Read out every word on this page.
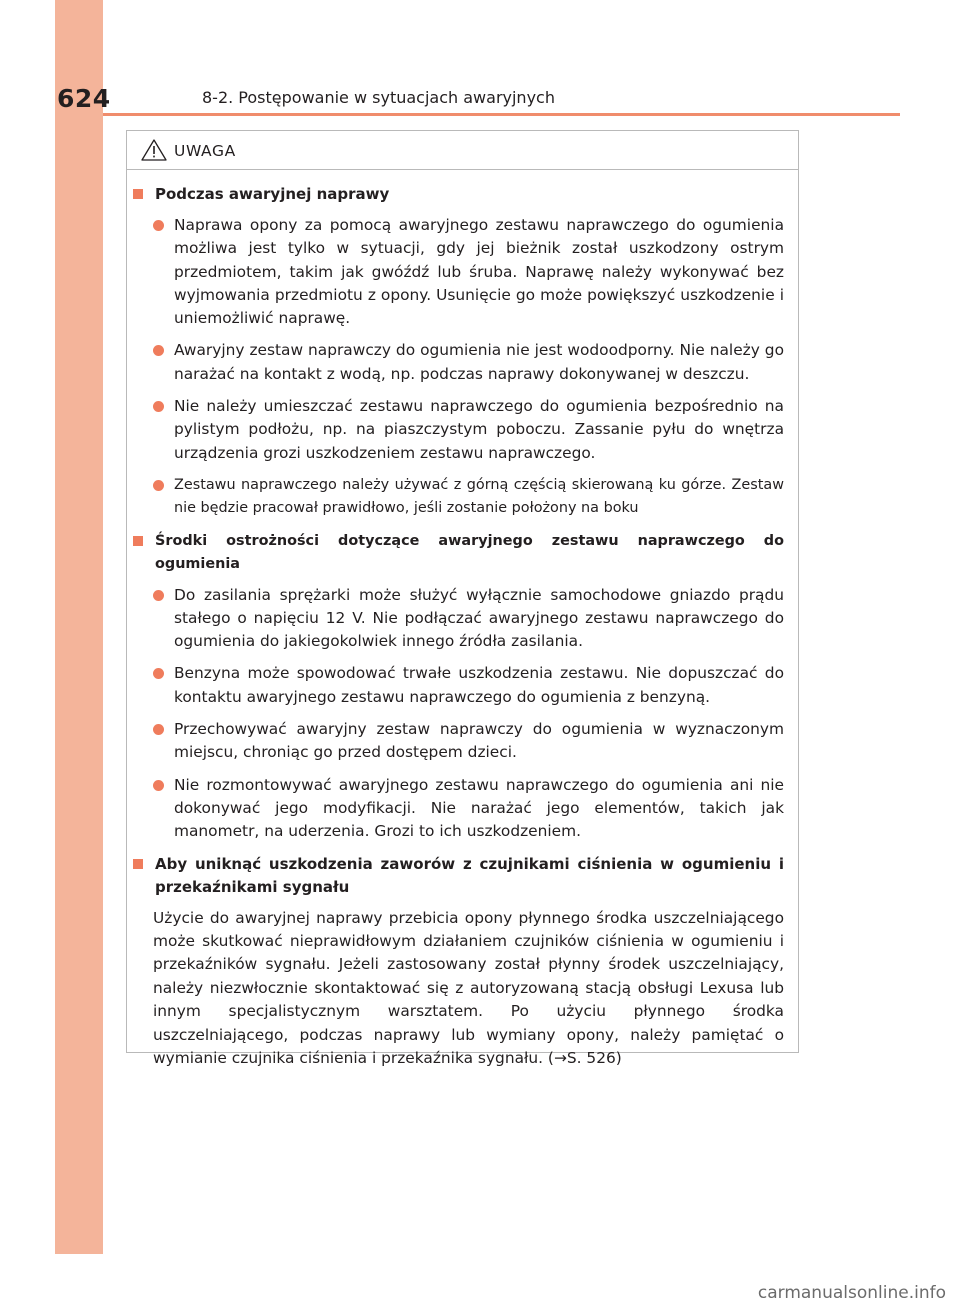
624	8-2. Postępowanie w sytuacjach awaryjnych
UWAGA
Podczas awaryjnej naprawy
Naprawa opony za pomocą awaryjnego zestawu naprawczego do ogumienia możliwa jest tylko w sytuacji, gdy jej bieżnik został uszkodzony ostrym przedmiotem, takim jak gwóźdź lub śruba. Naprawę należy wykonywać bez wyjmowania przedmiotu z opony. Usunięcie go może powiększyć uszkodzenie i uniemożliwić naprawę.
Awaryjny zestaw naprawczy do ogumienia nie jest wodoodporny. Nie należy go narażać na kontakt z wodą, np. podczas naprawy dokonywanej w deszczu.
Nie należy umieszczać zestawu naprawczego do ogumienia bezpośrednio na pylistym podłożu, np. na piaszczystym poboczu. Zassanie pyłu do wnętrza urządzenia grozi uszkodzeniem zestawu naprawczego.
Zestawu naprawczego należy używać z górną częścią skierowaną ku górze. Zestaw nie będzie pracował prawidłowo, jeśli zostanie położony na boku
Środki ostrożności dotyczące awaryjnego zestawu naprawczego do ogumienia
Do zasilania sprężarki może służyć wyłącznie samochodowe gniazdo prądu stałego o napięciu 12 V. Nie podłączać awaryjnego zestawu naprawczego do ogumienia do jakiegokolwiek innego źródła zasilania.
Benzyna może spowodować trwałe uszkodzenia zestawu. Nie dopuszczać do kontaktu awaryjnego zestawu naprawczego do ogumienia z benzyną.
Przechowywać awaryjny zestaw naprawczy do ogumienia w wyznaczonym miejscu, chroniąc go przed dostępem dzieci.
Nie rozmontowywać awaryjnego zestawu naprawczego do ogumienia ani nie dokonywać jego modyfikacji. Nie narażać jego elementów, takich jak manometr, na uderzenia. Grozi to ich uszkodzeniem.
Aby uniknąć uszkodzenia zaworów z czujnikami ciśnienia w ogumieniu i przekaźnikami sygnału
Użycie do awaryjnej naprawy przebicia opony płynnego środka uszczelniającego może skutkować nieprawidłowym działaniem czujników ciśnienia w ogumieniu i przekaźników sygnału. Jeżeli zastosowany został płynny środek uszczelniający, należy niezwłocznie skontaktować się z autoryzowaną stacją obsługi Lexusa lub innym specjalistycznym warsztatem. Po użyciu płynnego środka uszczelniającego, podczas naprawy lub wymiany opony, należy pamiętać o wymianie czujnika ciśnienia i przekaźnika sygnału. (→S. 526)
carmanualsonline.info
